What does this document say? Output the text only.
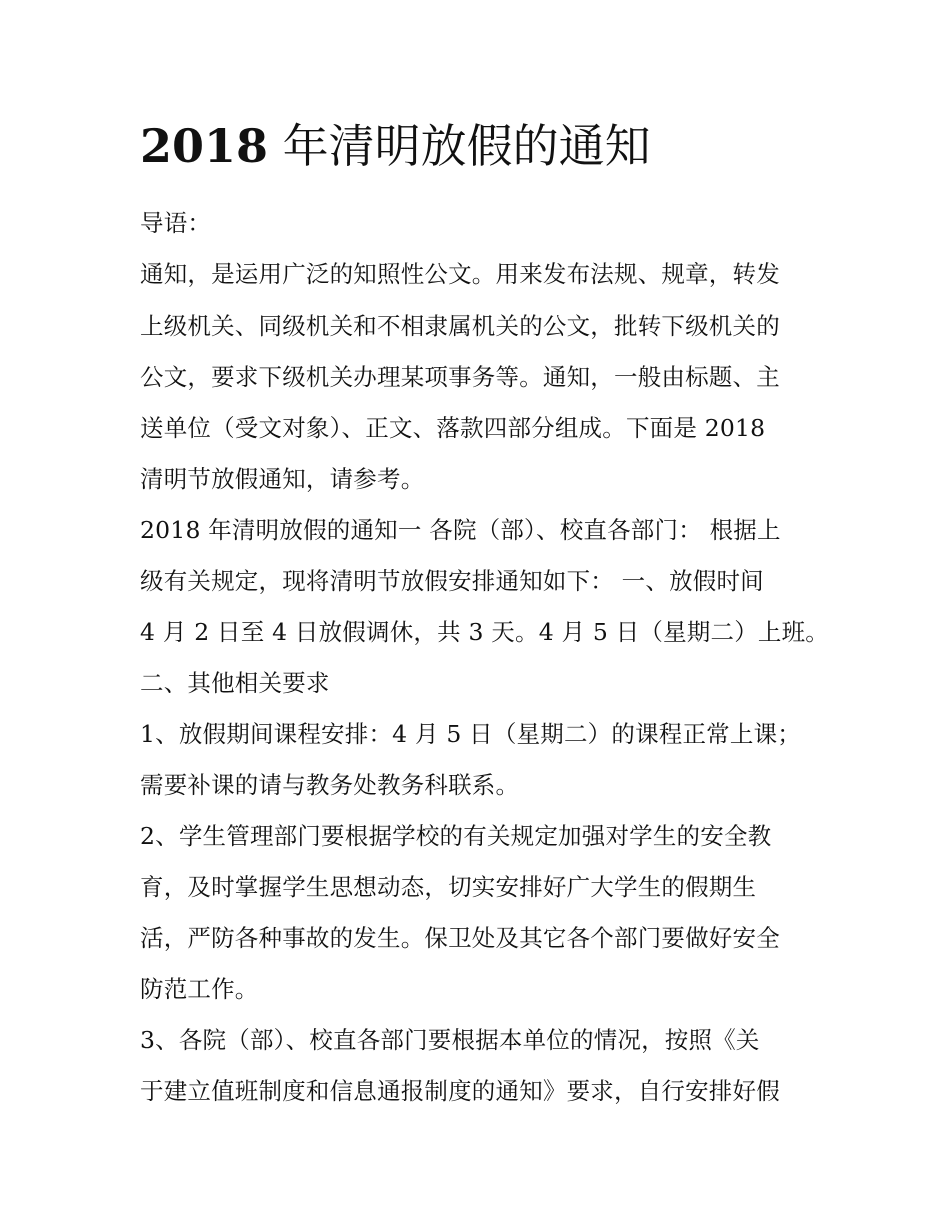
2018 年清明放假的通知
导语：
通知，是运用广泛的知照性公文。用来发布法规、规章，转发
上级机关、同级机关和不相隶属机关的公文，批转下级机关的
公文，要求下级机关办理某项事务等。通知，一般由标题、主
送单位（受文对象）、正文、落款四部分组成。下面是 2018
清明节放假通知，请参考。
2018 年清明放假的通知一 各院（部）、校直各部门： 根据上
级有关规定，现将清明节放假安排通知如下： 一、放假时间
4 月 2 日至 4 日放假调休，共 3 天。4 月 5 日（星期二）上班。
二、其他相关要求
1、放假期间课程安排：4 月 5 日（星期二）的课程正常上课；
需要补课的请与教务处教务科联系。
2、学生管理部门要根据学校的有关规定加强对学生的安全教
育，及时掌握学生思想动态，切实安排好广大学生的假期生
活，严防各种事故的发生。保卫处及其它各个部门要做好安全
防范工作。
3、各院（部）、校直各部门要根据本单位的情况，按照《关
于建立值班制度和信息通报制度的通知》要求，自行安排好假
